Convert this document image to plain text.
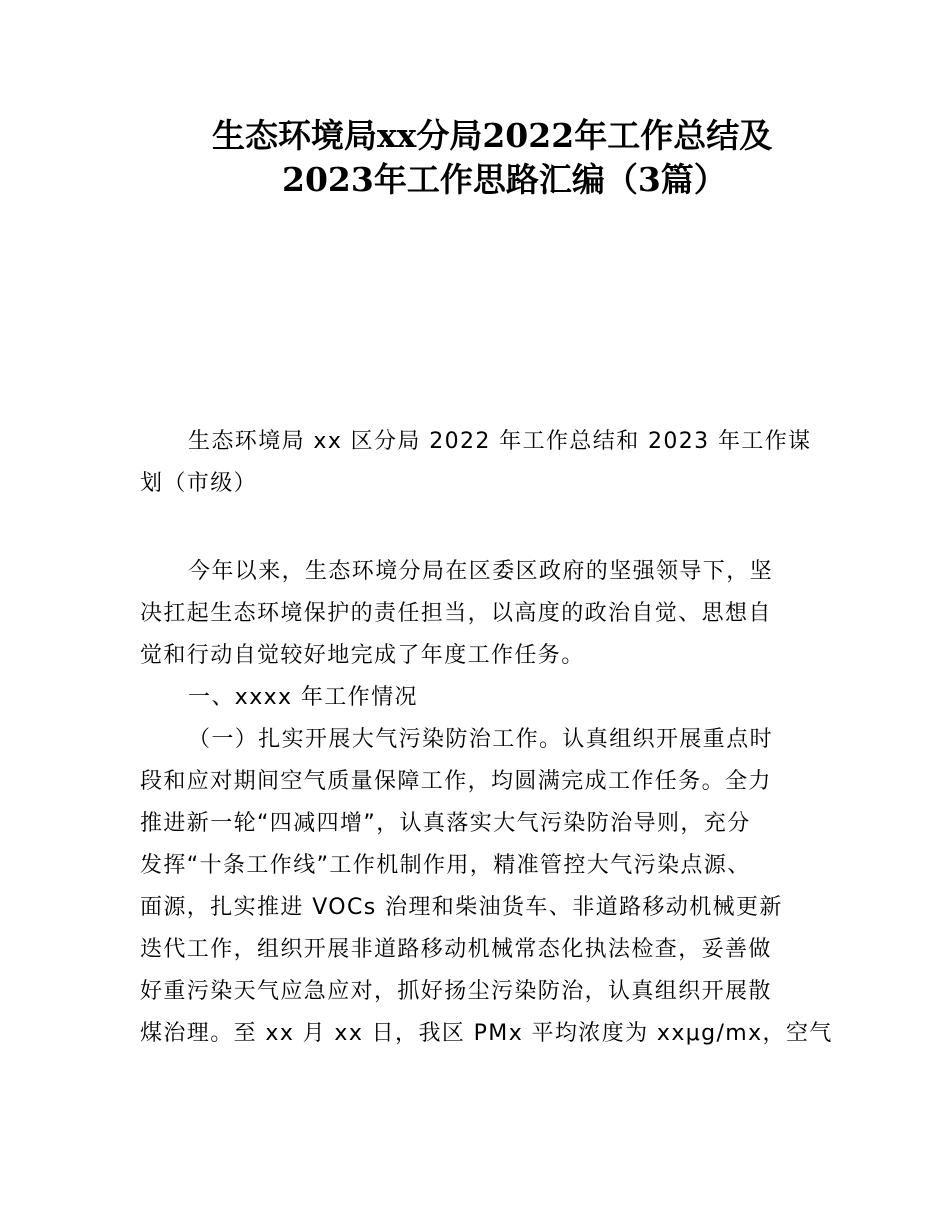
生态环境局xx分局2022年工作总结及
2023年工作思路汇编（3篇）
生态环境局 xx 区分局 2022 年工作总结和 2023 年工作谋
划（市级）
今年以来，生态环境分局在区委区政府的坚强领导下，坚
决扛起生态环境保护的责任担当，以高度的政治自觉、思想自
觉和行动自觉较好地完成了年度工作任务。
一、xxxx 年工作情况
（一）扎实开展大气污染防治工作。认真组织开展重点时
段和应对期间空气质量保障工作，均圆满完成工作任务。全力
推进新一轮“四减四增”，认真落实大气污染防治导则，充分
发挥“十条工作线”工作机制作用，精准管控大气污染点源、
面源，扎实推进 VOCs 治理和柴油货车、非道路移动机械更新
迭代工作，组织开展非道路移动机械常态化执法检查，妥善做
好重污染天气应急应对，抓好扬尘污染防治，认真组织开展散
煤治理。至 xx 月 xx 日，我区 PMx 平均浓度为 xxμg/mx，空气
